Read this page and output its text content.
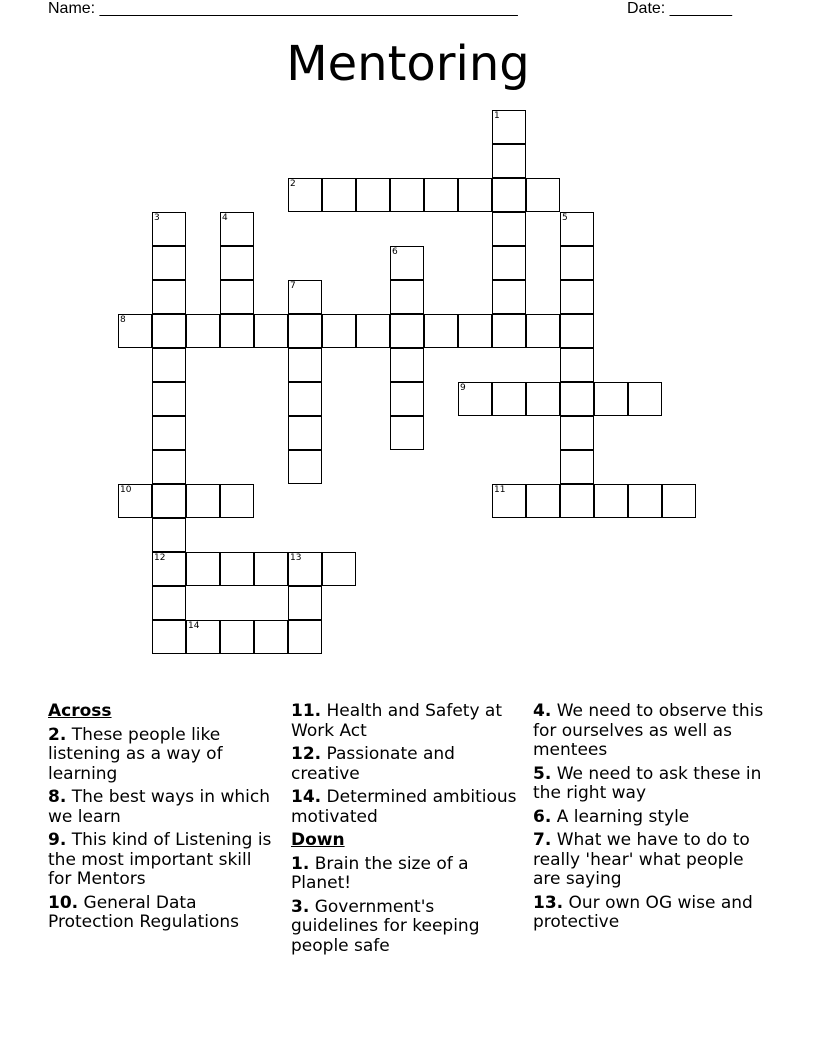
Name: _______________________________________________	Date: _______
Mentoring
2
8
9
10	11
12	13
14
1
3	4	5
6
7
Across
2. These people like listening as a way of learning
8. The best ways in which we learn
9. This kind of Listening is the most important skill for Mentors
10. General Data Protection Regulations
11. Health and Safety at Work Act
12. Passionate and creative
14. Determined ambitious motivated
Down
1. Brain the size of a Planet!
3. Government's guidelines for keeping people safe
4. We need to observe this for ourselves as well as mentees
5. We need to ask these in the right way
6. A learning style
7. What we have to do to really 'hear' what people are saying
13. Our own OG wise and protective
